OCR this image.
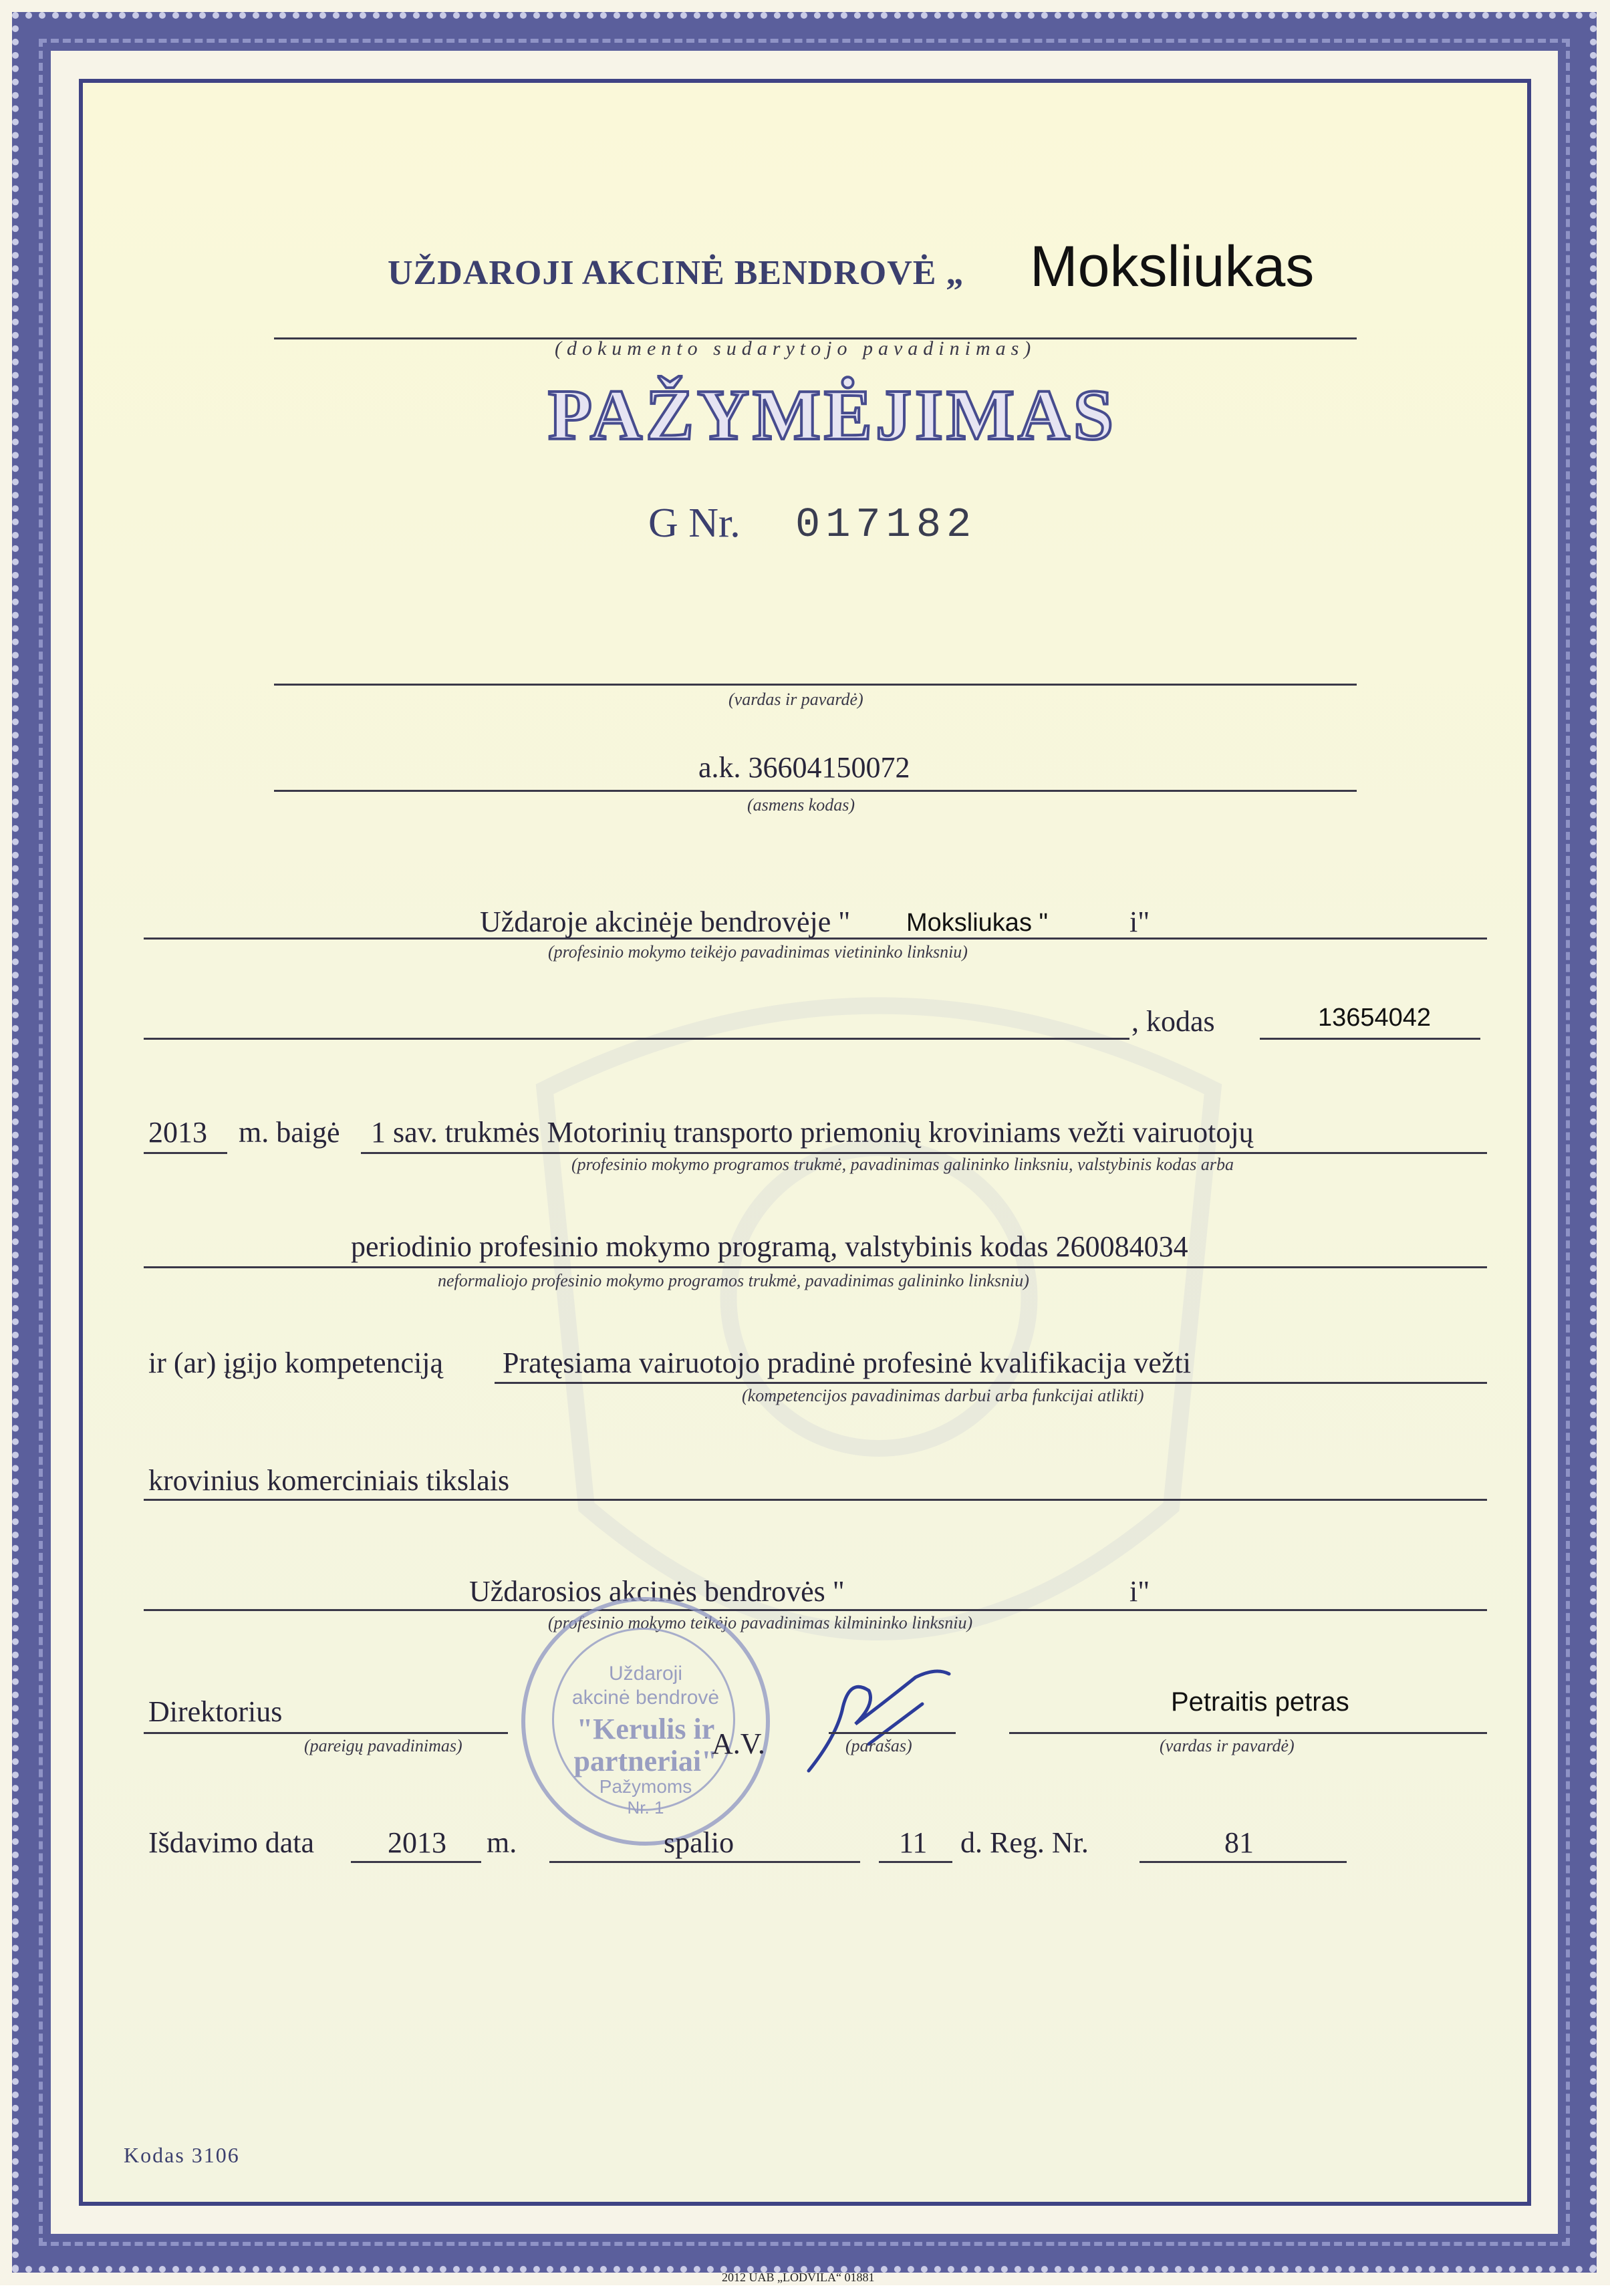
UŽDAROJI AKCINĖ BENDROVĖ „ Moksliukas
(dokumento sudarytojo pavadinimas)
PAŽYMĖJIMAS
G Nr. 017182
(vardas ir pavardė)
a.k. 36604150072
(asmens kodas)
Uždaroje akcinėje bendrovėje " Moksliukas "	i"
(profesinio mokymo teikėjo pavadinimas vietininko linksniu)
, kodas	13654042
2013 m. baigė 1 sav. trukmės Motorinių transporto priemonių kroviniams vežti vairuotojų
(profesinio mokymo programos trukmė, pavadinimas galininko linksniu, valstybinis kodas arba
periodinio profesinio mokymo programą, valstybinis kodas 260084034
neformaliojo profesinio mokymo programos trukmė, pavadinimas galininko linksniu)
ir (ar) įgijo kompetenciją Pratęsiama vairuotojo pradinė profesinė kvalifikacija vežti
(kompetencijos pavadinimas darbui arba funkcijai atlikti)
krovinius komerciniais tikslais
Uždarosios akcinės bendrovės "	i"
(profesinio mokymo teikėjo pavadinimas kilmininko linksniu)
Uždaroji
akcinė bendrovė
"Kerulis ir
partneriai"
Pažymoms
Nr. 1
Direktorius
(pareigų pavadinimas)	A.V.	(parašas)
Petraitis petras
(vardas ir pavardė)
Išdavimo data 2013 m.	spalio	11 d. Reg. Nr.	81
Kodas 3106
2012 UAB „LODVILA“ 01881
